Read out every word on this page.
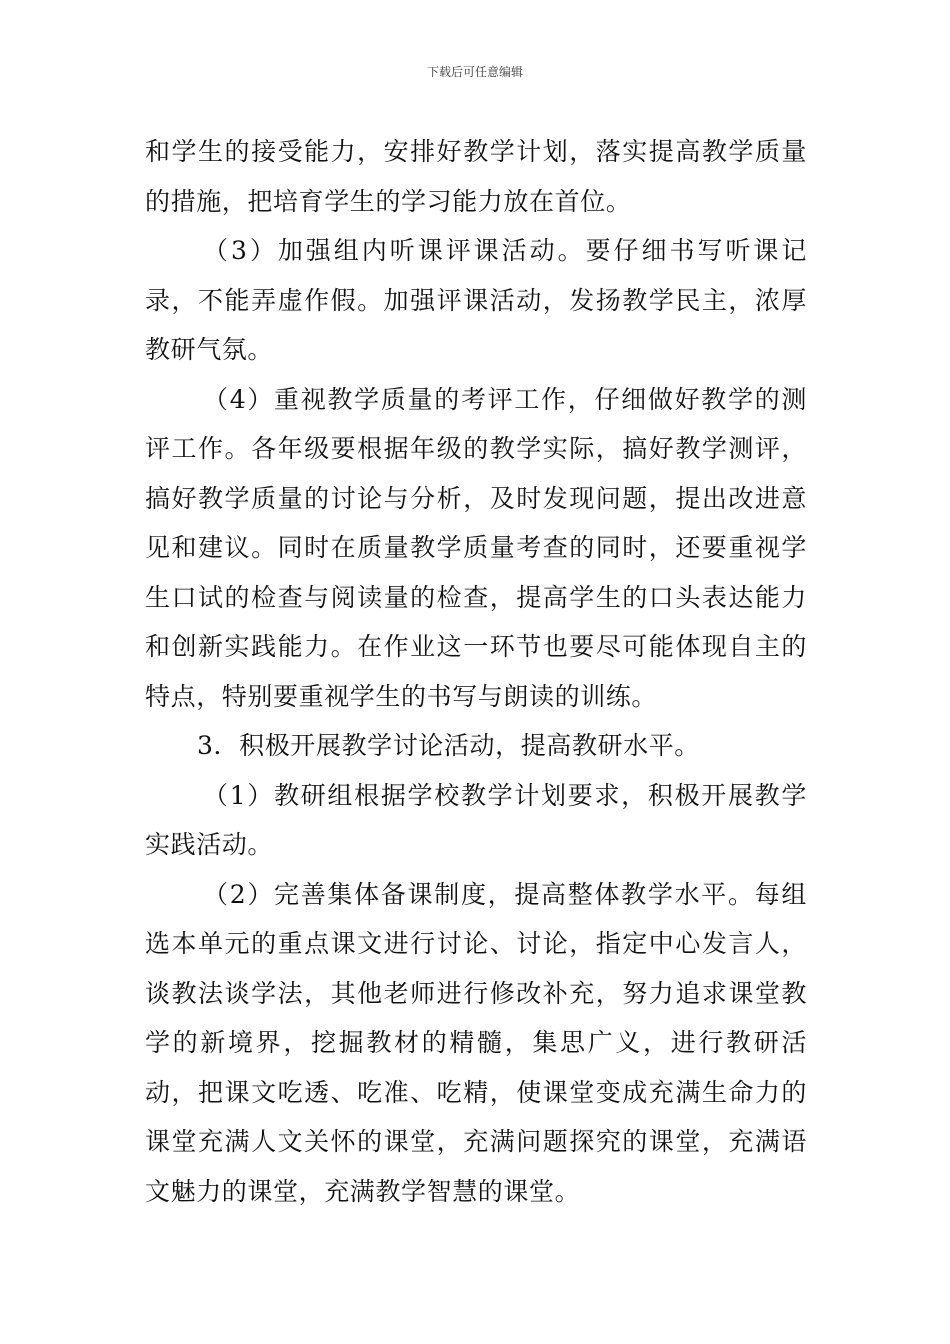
下载后可任意编辑

和学生的接受能力，安排好教学计划，落实提高教学质量的措施，把培育学生的学习能力放在首位。

（3）加强组内听课评课活动。要仔细书写听课记录，不能弄虚作假。加强评课活动，发扬教学民主，浓厚教研气氛。

（4）重视教学质量的考评工作，仔细做好教学的测评工作。各年级要根据年级的教学实际，搞好教学测评，搞好教学质量的讨论与分析，及时发现问题，提出改进意见和建议。同时在质量教学质量考查的同时，还要重视学生口试的检查与阅读量的检查，提高学生的口头表达能力和创新实践能力。在作业这一环节也要尽可能体现自主的特点，特别要重视学生的书写与朗读的训练。

3．积极开展教学讨论活动，提高教研水平。

（1）教研组根据学校教学计划要求，积极开展教学实践活动。

（2）完善集体备课制度，提高整体教学水平。每组选本单元的重点课文进行讨论、讨论，指定中心发言人，谈教法谈学法，其他老师进行修改补充，努力追求课堂教学的新境界，挖掘教材的精髓，集思广义，进行教研活动，把课文吃透、吃准、吃精，使课堂变成充满生命力的课堂充满人文关怀的课堂，充满问题探究的课堂，充满语文魅力的课堂，充满教学智慧的课堂。
